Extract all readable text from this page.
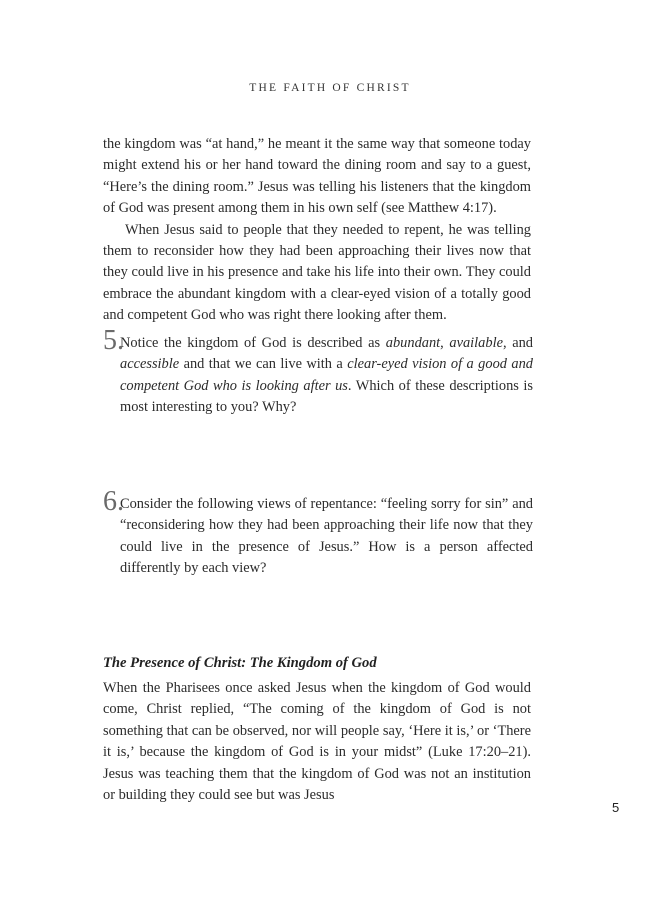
THE FAITH OF CHRIST

the kingdom was “at hand,” he meant it the same way that someone today might extend his or her hand toward the dining room and say to a guest, “Here’s the dining room.” Jesus was telling his listeners that the kingdom of God was present among them in his own self (see Matthew 4:17).

When Jesus said to people that they needed to repent, he was telling them to reconsider how they had been approaching their lives now that they could live in his presence and take his life into their own. They could embrace the abundant kingdom with a clear-eyed vision of a totally good and competent God who was right there looking after them.

5.

Notice the kingdom of God is described as abundant, available, and accessible and that we can live with a clear-eyed vision of a good and competent God who is looking after us. Which of these descriptions is most interesting to you? Why?

6.

Consider the following views of repentance: “feeling sorry for sin” and “reconsidering how they had been approaching their life now that they could live in the presence of Jesus.” How is a person affected differently by each view?

The Presence of Christ: The Kingdom of God

When the Pharisees once asked Jesus when the kingdom of God would come, Christ replied, “The coming of the kingdom of God is not something that can be observed, nor will people say, ‘Here it is,’ or ‘There it is,’ because the kingdom of God is in your midst” (Luke 17:20–21). Jesus was teaching them that the kingdom of God was not an institution or building they could see but was Jesus

5
